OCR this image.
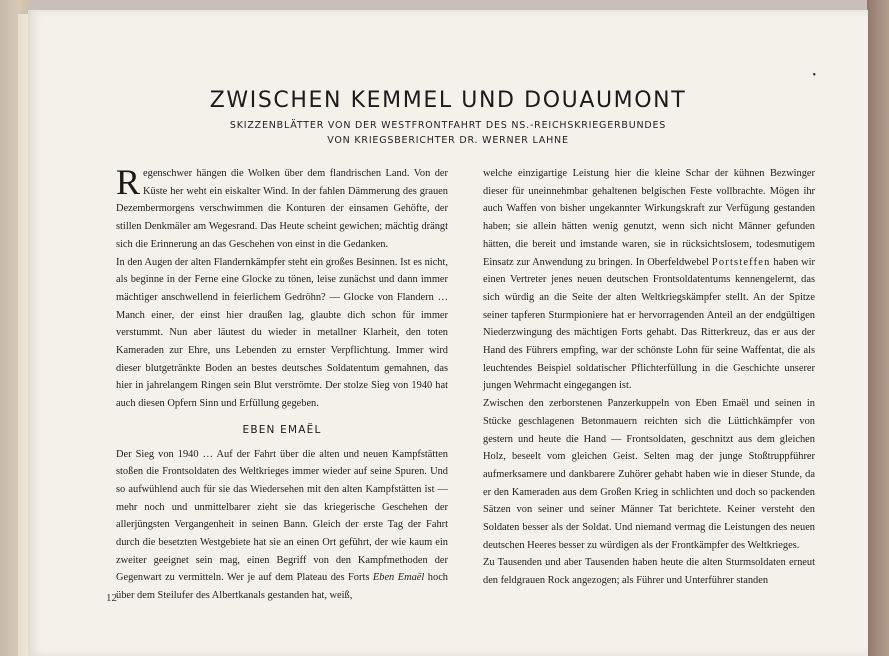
•
ZWISCHEN KEMMEL UND DOUAUMONT

SKIZZENBLÄTTER VON DER WESTFRONTFAHRT DES NS.-REICHSKRIEGERBUNDES

VON KRIEGSBERICHTER DR. WERNER LAHNE

Regenschwer hängen die Wolken über dem flandrischen Land. Von der Küste her weht ein eiskalter Wind. In der fahlen Dämmerung des grauen Dezembermorgens verschwimmen die Konturen der einsamen Gehöfte, der stillen Denkmäler am Wegesrand. Das Heute scheint gewichen; mächtig drängt sich die Erinnerung an das Geschehen von einst in die Gedanken.

In den Augen der alten Flandernkämpfer steht ein großes Besinnen. Ist es nicht, als beginne in der Ferne eine Glocke zu tönen, leise zunächst und dann immer mächtiger anschwellend in feierlichem Gedröhn? — Glocke von Flandern … Manch einer, der einst hier draußen lag, glaubte dich schon für immer verstummt. Nun aber läutest du wieder in metallner Klarheit, den toten Kameraden zur Ehre, uns Lebenden zu ernster Verpflichtung. Immer wird dieser blutgetränkte Boden an bestes deutsches Soldatentum gemahnen, das hier in jahrelangem Ringen sein Blut verströmte. Der stolze Sieg von 1940 hat auch diesen Opfern Sinn und Erfüllung gegeben.

EBEN EMAËL

Der Sieg von 1940 … Auf der Fahrt über die alten und neuen Kampfstätten stoßen die Frontsoldaten des Weltkrieges immer wieder auf seine Spuren. Und so aufwühlend auch für sie das Wiedersehen mit den alten Kampfstätten ist — mehr noch und unmittelbarer zieht sie das kriegerische Geschehen der allerjüngsten Vergangenheit in seinen Bann. Gleich der erste Tag der Fahrt durch die besetzten Westgebiete hat sie an einen Ort geführt, der wie kaum ein zweiter geeignet sein mag, einen Begriff von den Kampfmethoden der Gegenwart zu vermitteln. Wer je auf dem Plateau des Forts Eben Emaël hoch über dem Steilufer des Albertkanals gestanden hat, weiß,

welche einzigartige Leistung hier die kleine Schar der kühnen Bezwinger dieser für uneinnehmbar gehaltenen belgischen Feste vollbrachte. Mögen ihr auch Waffen von bisher ungekannter Wirkungskraft zur Verfügung gestanden haben; sie allein hätten wenig genutzt, wenn sich nicht Männer gefunden hätten, die bereit und imstande waren, sie in rücksichtslosem, todesmutigem Einsatz zur Anwendung zu bringen. In Oberfeldwebel Portsteffen haben wir einen Vertreter jenes neuen deutschen Frontsoldatentums kennengelernt, das sich würdig an die Seite der alten Weltkriegskämpfer stellt. An der Spitze seiner tapferen Sturmpioniere hat er hervorragenden Anteil an der endgültigen Niederzwingung des mächtigen Forts gehabt. Das Ritterkreuz, das er aus der Hand des Führers empfing, war der schönste Lohn für seine Waffentat, die als leuchtendes Beispiel soldatischer Pflichterfüllung in die Geschichte unserer jungen Wehrmacht eingegangen ist.

Zwischen den zerborstenen Panzerkuppeln von Eben Emaël und seinen in Stücke geschlagenen Betonmauern reichten sich die Lüttichkämpfer von gestern und heute die Hand — Frontsoldaten, geschnitzt aus dem gleichen Holz, beseelt vom gleichen Geist. Selten mag der junge Stoßtruppführer aufmerksamere und dankbarere Zuhörer gehabt haben wie in dieser Stunde, da er den Kameraden aus dem Großen Krieg in schlichten und doch so packenden Sätzen von seiner und seiner Männer Tat berichtete. Keiner versteht den Soldaten besser als der Soldat. Und niemand vermag die Leistungen des neuen deutschen Heeres besser zu würdigen als der Frontkämpfer des Weltkrieges.

Zu Tausenden und aber Tausenden haben heute die alten Sturmsoldaten erneut den feldgrauen Rock angezogen; als Führer und Unterführer standen

12
